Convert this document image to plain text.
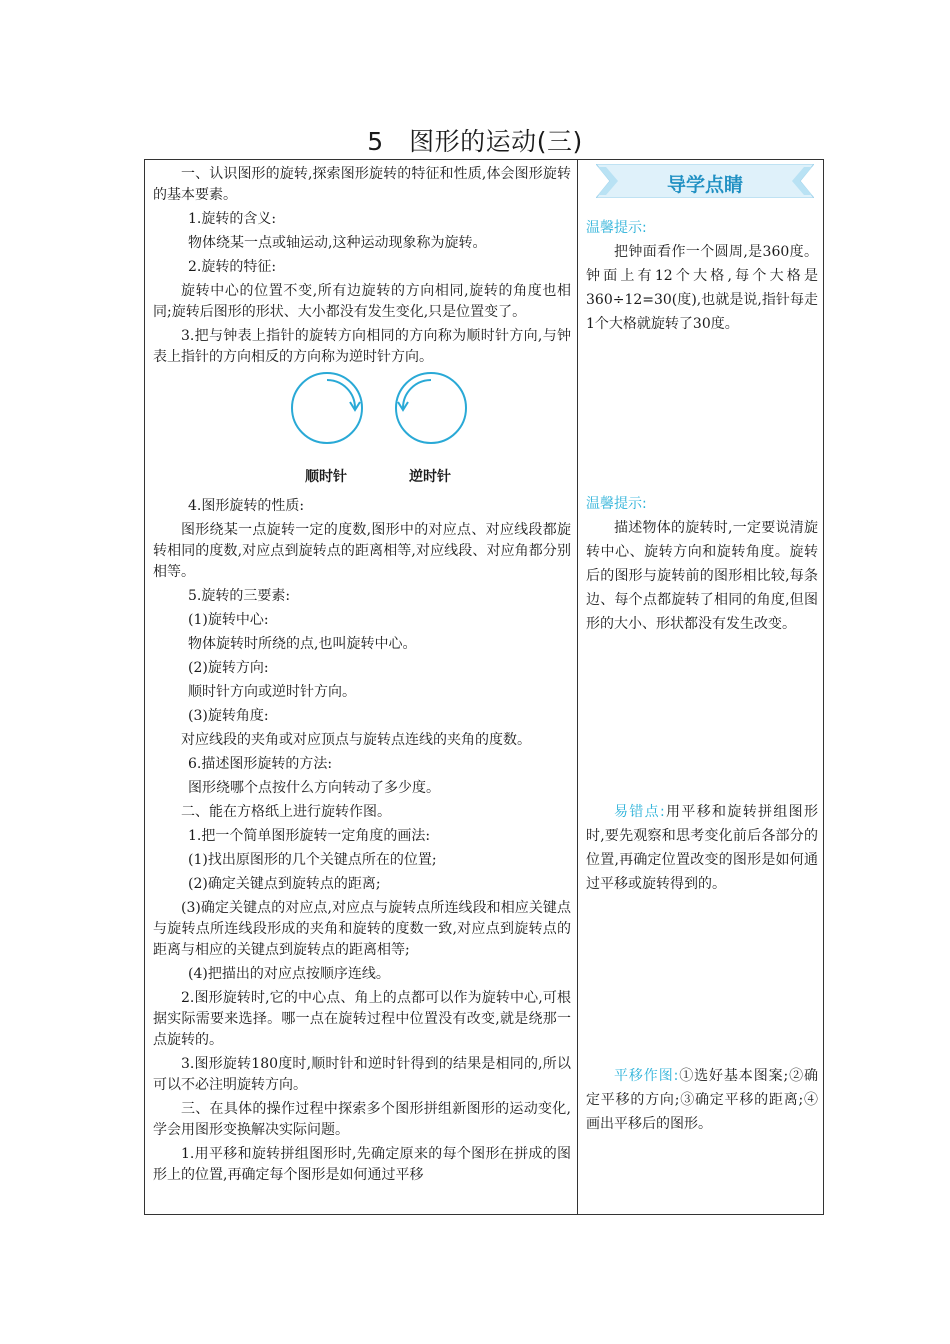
5　图形的运动(三)

一、认识图形的旋转,探索图形旋转的特征和性质,体会图形旋转的基本要素。

1.旋转的含义:

物体绕某一点或轴运动,这种运动现象称为旋转。

2.旋转的特征:

旋转中心的位置不变,所有边旋转的方向相同,旋转的角度也相同;旋转后图形的形状、大小都没有发生变化,只是位置变了。

3.把与钟表上指针的旋转方向相同的方向称为顺时针方向,与钟表上指针的方向相反的方向称为逆时针方向。

顺时针	逆时针

4.图形旋转的性质:

图形绕某一点旋转一定的度数,图形中的对应点、对应线段都旋转相同的度数,对应点到旋转点的距离相等,对应线段、对应角都分别相等。

5.旋转的三要素:

(1)旋转中心:

物体旋转时所绕的点,也叫旋转中心。

(2)旋转方向:

顺时针方向或逆时针方向。

(3)旋转角度:

对应线段的夹角或对应顶点与旋转点连线的夹角的度数。

6.描述图形旋转的方法:

图形绕哪个点按什么方向转动了多少度。

二、能在方格纸上进行旋转作图。

1.把一个简单图形旋转一定角度的画法:

(1)找出原图形的几个关键点所在的位置;

(2)确定关键点到旋转点的距离;

(3)确定关键点的对应点,对应点与旋转点所连线段和相应关键点与旋转点所连线段形成的夹角和旋转的度数一致,对应点到旋转点的距离与相应的关键点到旋转点的距离相等;

(4)把描出的对应点按顺序连线。

2.图形旋转时,它的中心点、角上的点都可以作为旋转中心,可根据实际需要来选择。哪一点在旋转过程中位置没有改变,就是绕那一点旋转的。

3.图形旋转180度时,顺时针和逆时针得到的结果是相同的,所以可以不必注明旋转方向。

三、在具体的操作过程中探索多个图形拼组新图形的运动变化,学会用图形变换解决实际问题。

1.用平移和旋转拼组图形时,先确定原来的每个图形在拼成的图形上的位置,再确定每个图形是如何通过平移

导学点睛
温馨提示:
把钟面看作一个圆周,是360度。钟面上有12个大格,每个大格是360÷12=30(度),也就是说,指针每走1个大格就旋转了30度。
温馨提示:
描述物体的旋转时,一定要说清旋转中心、旋转方向和旋转角度。旋转后的图形与旋转前的图形相比较,每条边、每个点都旋转了相同的角度,但图形的大小、形状都没有发生改变。
易错点:用平移和旋转拼组图形时,要先观察和思考变化前后各部分的位置,再确定位置改变的图形是如何通过平移或旋转得到的。
平移作图:①选好基本图案;②确定平移的方向;③确定平移的距离;④画出平移后的图形。
